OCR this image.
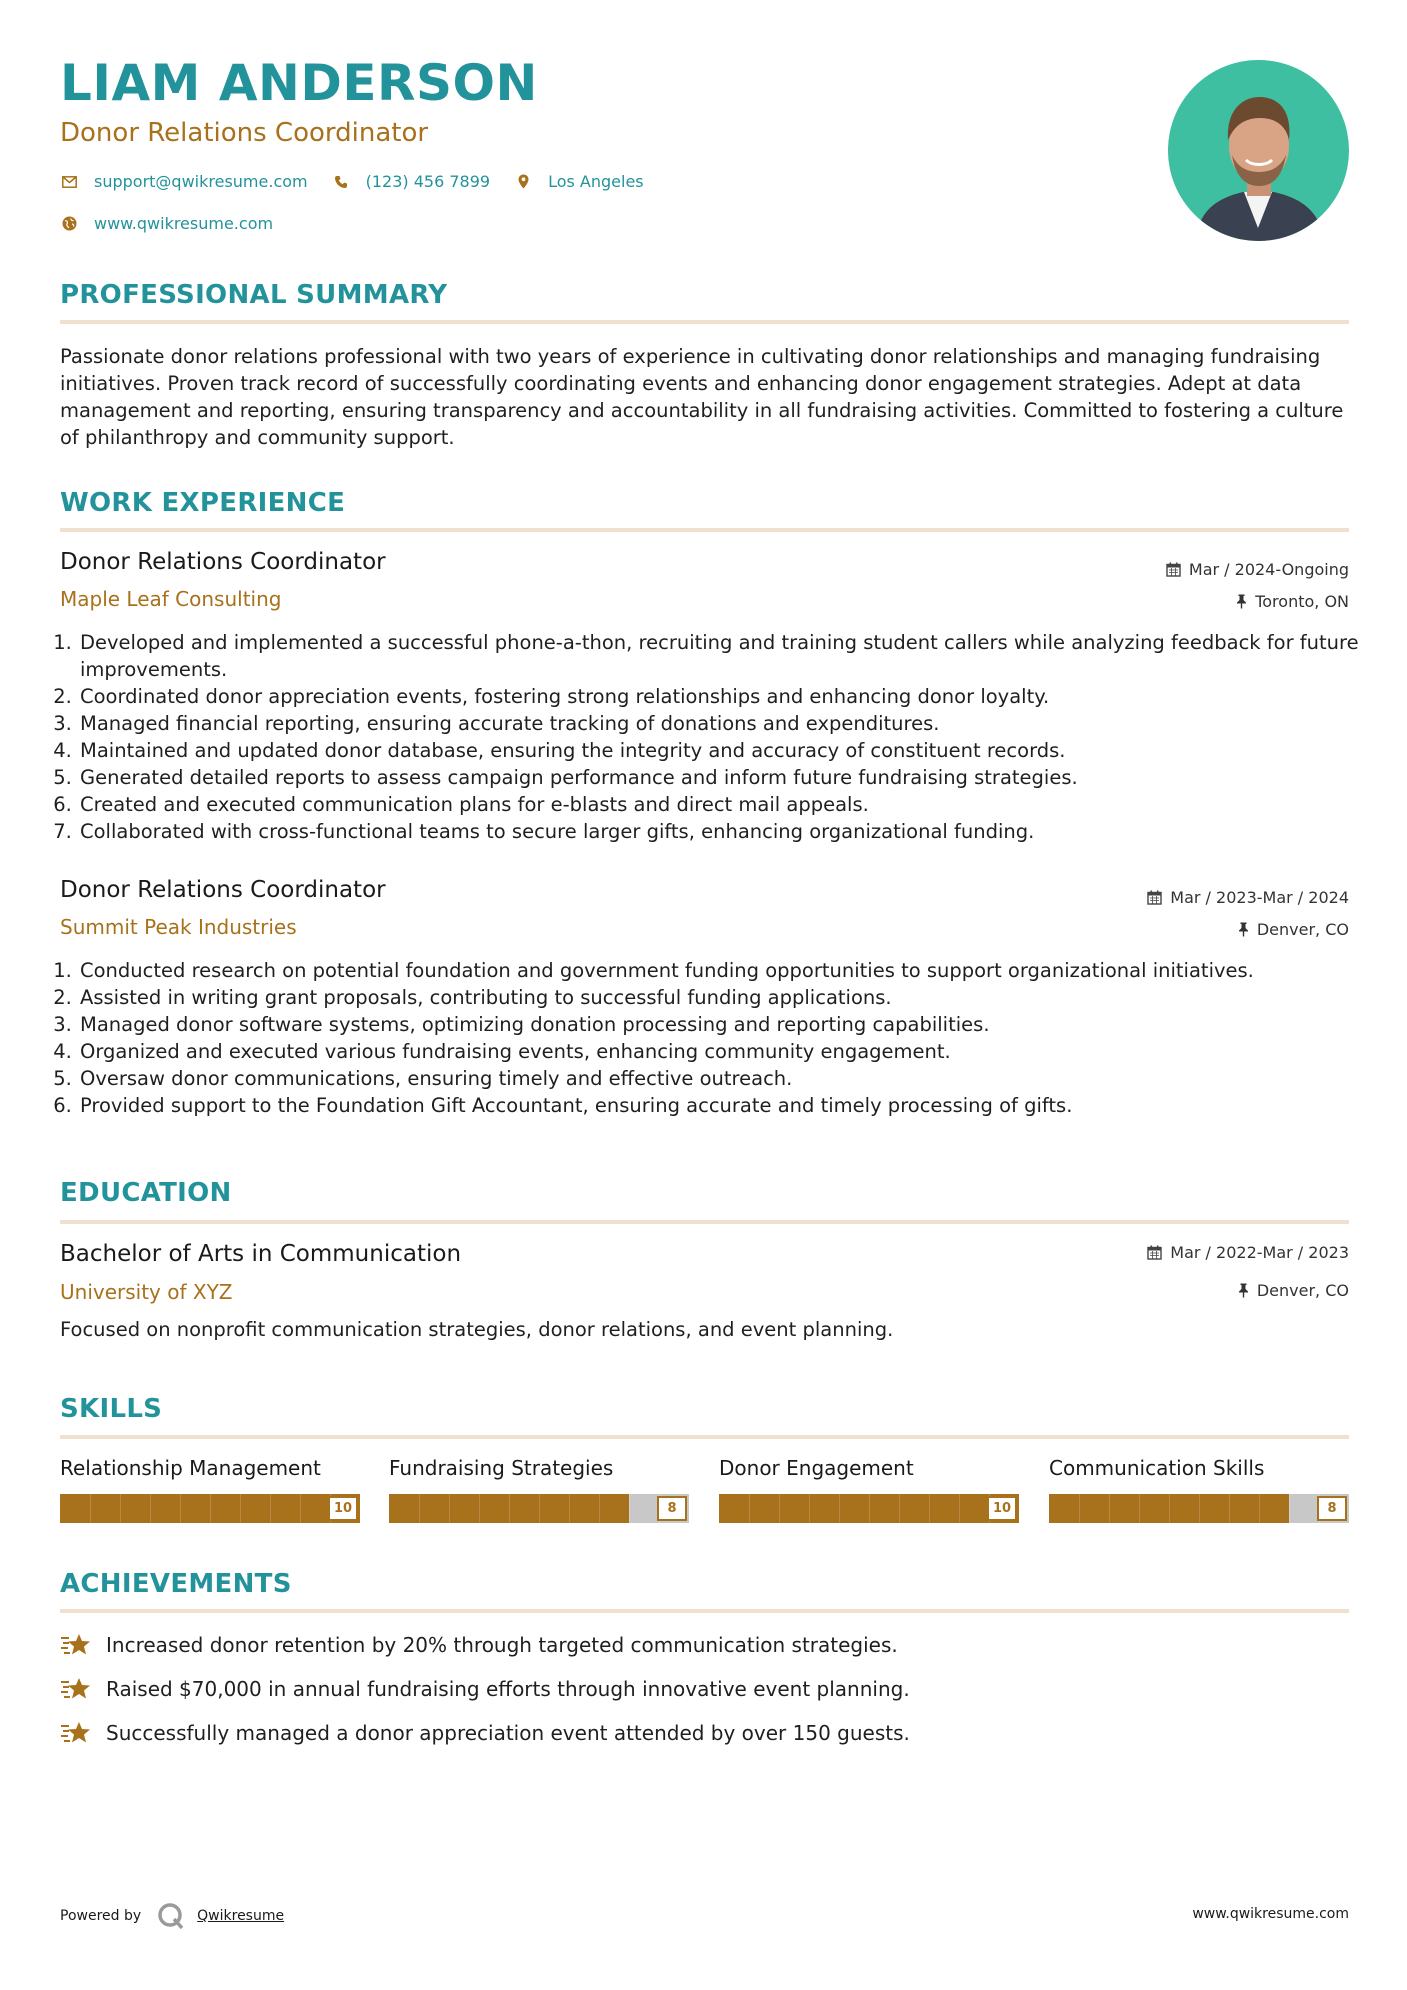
LIAM ANDERSON

Donor Relations Coordinator

support@qwikresume.com	(123) 456 7899	Los Angeles
www.qwikresume.com
PROFESSIONAL SUMMARY

Passionate donor relations professional with two years of experience in cultivating donor relationships and managing fundraising initiatives. Proven track record of successfully coordinating events and enhancing donor engagement strategies. Adept at data management and reporting, ensuring transparency and accountability in all fundraising activities. Committed to fostering a culture of philanthropy and community support.

WORK EXPERIENCE

Donor Relations Coordinator	Mar / 2024-Ongoing

Maple Leaf Consulting	Toronto, ON
1. Developed and implemented a successful phone-a-thon, recruiting and training student callers while analyzing feedback for future improvements.
2. Coordinated donor appreciation events, fostering strong relationships and enhancing donor loyalty.
3. Managed financial reporting, ensuring accurate tracking of donations and expenditures.
4. Maintained and updated donor database, ensuring the integrity and accuracy of constituent records.
5. Generated detailed reports to assess campaign performance and inform future fundraising strategies.
6. Created and executed communication plans for e-blasts and direct mail appeals.
7. Collaborated with cross-functional teams to secure larger gifts, enhancing organizational funding.

Donor Relations Coordinator	Mar / 2023-Mar / 2024

Summit Peak Industries	Denver, CO
1. Conducted research on potential foundation and government funding opportunities to support organizational initiatives.
2. Assisted in writing grant proposals, contributing to successful funding applications.
3. Managed donor software systems, optimizing donation processing and reporting capabilities.
4. Organized and executed various fundraising events, enhancing community engagement.
5. Oversaw donor communications, ensuring timely and effective outreach.
6. Provided support to the Foundation Gift Accountant, ensuring accurate and timely processing of gifts.
EDUCATION

Bachelor of Arts in Communication	Mar / 2022-Mar / 2023

University of XYZ	Denver, CO

Focused on nonprofit communication strategies, donor relations, and event planning.

SKILLS

Relationship Management

10

Fundraising Strategies

8

Donor Engagement

10

Communication Skills

8
ACHIEVEMENTS
Increased donor retention by 20% through targeted communication strategies.
Raised $70,000 in annual fundraising efforts through innovative event planning.
Successfully managed a donor appreciation event attended by over 150 guests.
Powered by	Qwikresume	www.qwikresume.com
